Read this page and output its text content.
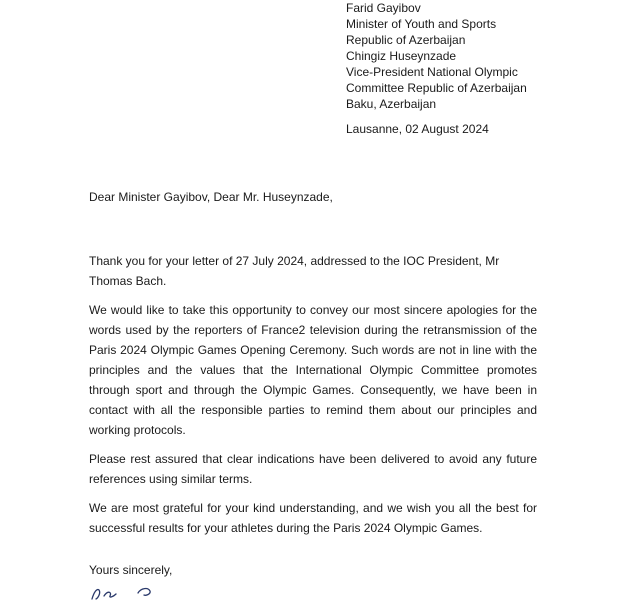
Farid Gayibov
Minister of Youth and Sports
Republic of Azerbaijan
Chingiz Huseynzade
Vice-President National Olympic
Committee Republic of Azerbaijan
Baku, Azerbaijan
Lausanne, 02 August 2024
Dear Minister Gayibov, Dear Mr. Huseynzade,

Thank you for your letter of 27 July 2024, addressed to the IOC President, Mr Thomas Bach.

We would like to take this opportunity to convey our most sincere apologies for the words used by the reporters of France2 television during the retransmission of the Paris 2024 Olympic Games Opening Ceremony. Such words are not in line with the principles and the values that the International Olympic Committee promotes through sport and through the Olympic Games. Consequently, we have been in contact with all the responsible parties to remind them about our principles and working protocols.

Please rest assured that clear indications have been delivered to avoid any future references using similar terms.

We are most grateful for your kind understanding, and we wish you all the best for successful results for your athletes during the Paris 2024 Olympic Games.

Yours sincerely,
